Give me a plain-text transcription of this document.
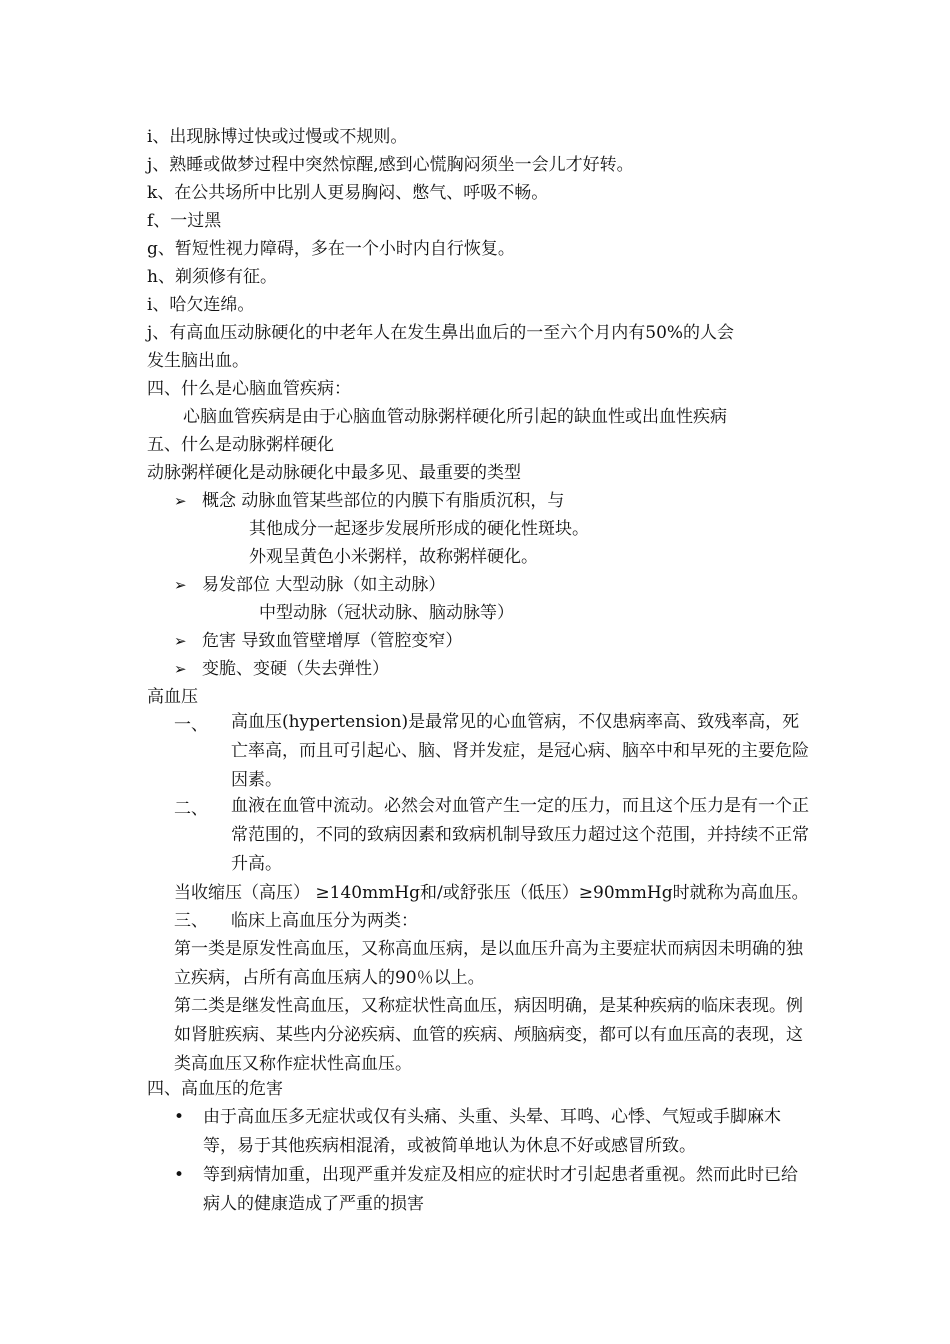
i、出现脉博过快或过慢或不规则。
j、熟睡或做梦过程中突然惊醒,感到心慌胸闷须坐一会儿才好转。
k、在公共场所中比别人更易胸闷、憋气、呼吸不畅。
f、一过黑
g、暂短性视力障碍，多在一个小时内自行恢复。
h、剃须修有征。
i、哈欠连绵。
j、有高血压动脉硬化的中老年人在发生鼻出血后的一至六个月内有50%的人会
发生脑出血。
四、什么是心脑血管疾病：
心脑血管疾病是由于心脑血管动脉粥样硬化所引起的缺血性或出血性疾病
五、什么是动脉粥样硬化
动脉粥样硬化是动脉硬化中最多见、最重要的类型
➢ 概念 动脉血管某些部位的内膜下有脂质沉积，与
其他成分一起逐步发展所形成的硬化性斑块。
外观呈黄色小米粥样，故称粥样硬化。
➢ 易发部位 大型动脉（如主动脉）
中型动脉（冠状动脉、脑动脉等）
➢ 危害 导致血管壁增厚（管腔变窄）
➢ 变脆、变硬（失去弹性）
高血压
一、 高血压(hypertension)是最常见的心血管病，不仅患病率高、致残率高，死亡率高，而且可引起心、脑、肾并发症，是冠心病、脑卒中和早死的主要危险因素。
二、 血液在血管中流动。必然会对血管产生一定的压力，而且这个压力是有一个正常范围的，不同的致病因素和致病机制导致压力超过这个范围，并持续不正常升高。
当收缩压（高压） ≥140mmHg和/或舒张压（低压）≥90mmHg时就称为高血压。
三、 临床上高血压分为两类：
第一类是原发性高血压，又称高血压病，是以血压升高为主要症状而病因未明确的独立疾病，占所有高血压病人的90％以上。
第二类是继发性高血压，又称症状性高血压，病因明确，是某种疾病的临床表现。例如肾脏疾病、某些内分泌疾病、血管的疾病、颅脑病变，都可以有血压高的表现，这类高血压又称作症状性高血压。
四、高血压的危害
• 由于高血压多无症状或仅有头痛、头重、头晕、耳鸣、心悸、气短或手脚麻木等，易于其他疾病相混淆，或被简单地认为休息不好或感冒所致。
• 等到病情加重，出现严重并发症及相应的症状时才引起患者重视。然而此时已给病人的健康造成了严重的损害
